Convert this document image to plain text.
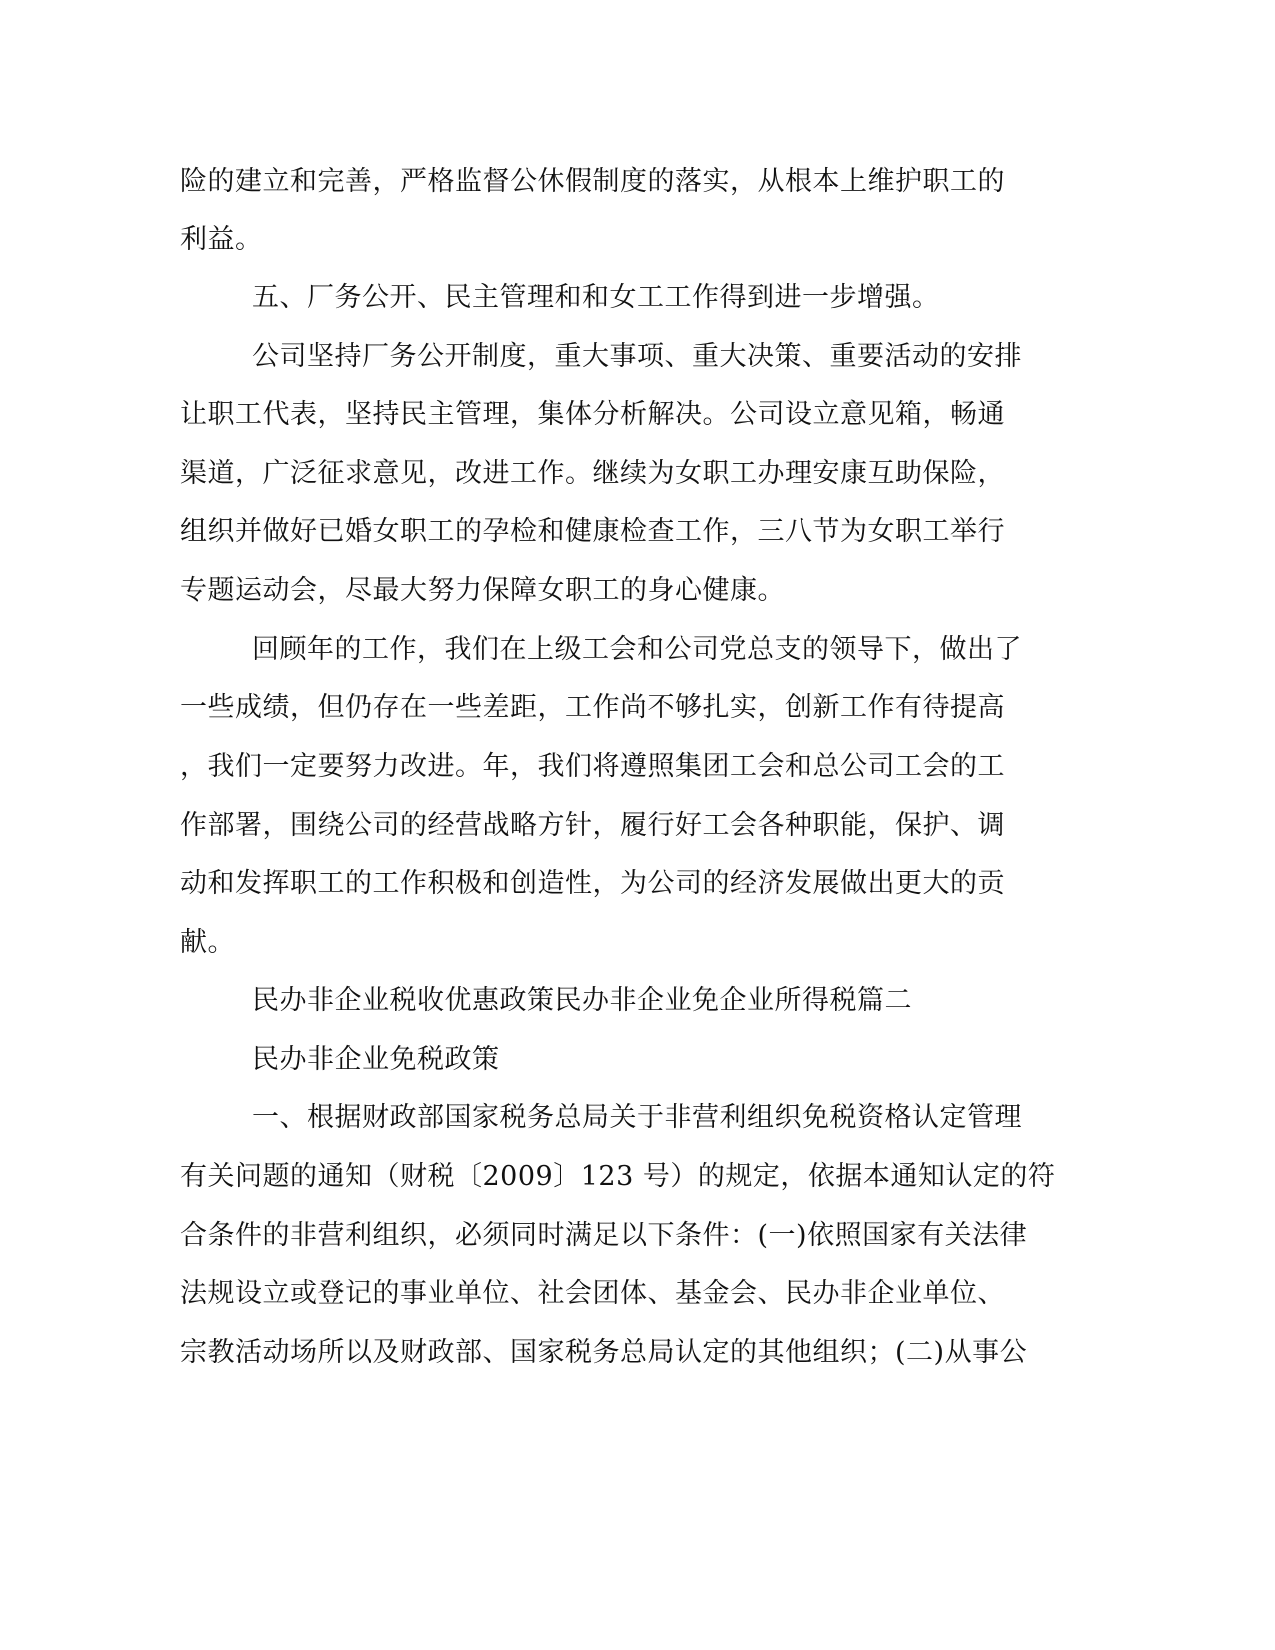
险的建立和完善，严格监督公休假制度的落实，从根本上维护职工的
利益。
五、厂务公开、民主管理和和女工工作得到进一步增强。
公司坚持厂务公开制度，重大事项、重大决策、重要活动的安排
让职工代表，坚持民主管理，集体分析解决。公司设立意见箱，畅通
渠道，广泛征求意见，改进工作。继续为女职工办理安康互助保险，
组织并做好已婚女职工的孕检和健康检查工作，三八节为女职工举行
专题运动会，尽最大努力保障女职工的身心健康。
回顾年的工作，我们在上级工会和公司党总支的领导下，做出了
一些成绩，但仍存在一些差距，工作尚不够扎实，创新工作有待提高
，我们一定要努力改进。年，我们将遵照集团工会和总公司工会的工
作部署，围绕公司的经营战略方针，履行好工会各种职能，保护、调
动和发挥职工的工作积极和创造性，为公司的经济发展做出更大的贡
献。
民办非企业税收优惠政策民办非企业免企业所得税篇二
民办非企业免税政策
一、根据财政部国家税务总局关于非营利组织免税资格认定管理
有关问题的通知（财税〔2009〕123 号）的规定，依据本通知认定的符
合条件的非营利组织，必须同时满足以下条件：(一)依照国家有关法律
法规设立或登记的事业单位、社会团体、基金会、民办非企业单位、
宗教活动场所以及财政部、国家税务总局认定的其他组织；(二)从事公
